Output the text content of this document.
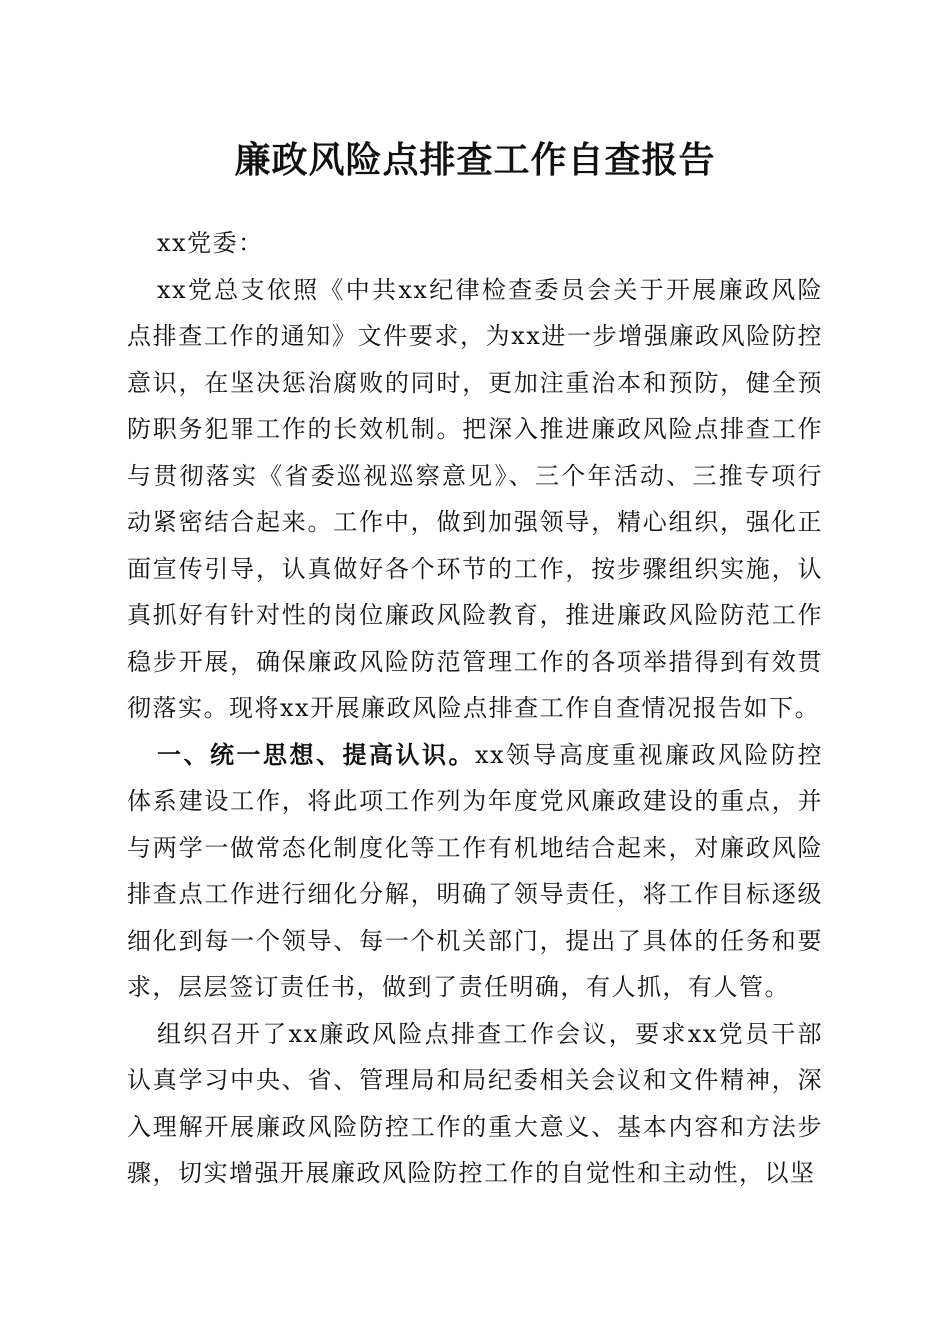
廉政风险点排查工作自查报告

xx党委：

xx党总支依照《中共xx纪律检查委员会关于开展廉政风险点排查工作的通知》文件要求，为xx进一步增强廉政风险防控意识，在坚决惩治腐败的同时，更加注重治本和预防，健全预防职务犯罪工作的长效机制。把深入推进廉政风险点排查工作与贯彻落实《省委巡视巡察意见》、三个年活动、三推专项行动紧密结合起来。工作中，做到加强领导，精心组织，强化正面宣传引导，认真做好各个环节的工作，按步骤组织实施，认真抓好有针对性的岗位廉政风险教育，推进廉政风险防范工作稳步开展，确保廉政风险防范管理工作的各项举措得到有效贯彻落实。现将xx开展廉政风险点排查工作自查情况报告如下。

一、统一思想、提高认识。xx领导高度重视廉政风险防控体系建设工作，将此项工作列为年度党风廉政建设的重点，并与两学一做常态化制度化等工作有机地结合起来，对廉政风险排查点工作进行细化分解，明确了领导责任，将工作目标逐级细化到每一个领导、每一个机关部门，提出了具体的任务和要求，层层签订责任书，做到了责任明确，有人抓，有人管。

组织召开了xx廉政风险点排查工作会议，要求xx党员干部认真学习中央、省、管理局和局纪委相关会议和文件精神，深入理解开展廉政风险防控工作的重大意义、基本内容和方法步骤，切实增强开展廉政风险防控工作的自觉性和主动性，以坚
